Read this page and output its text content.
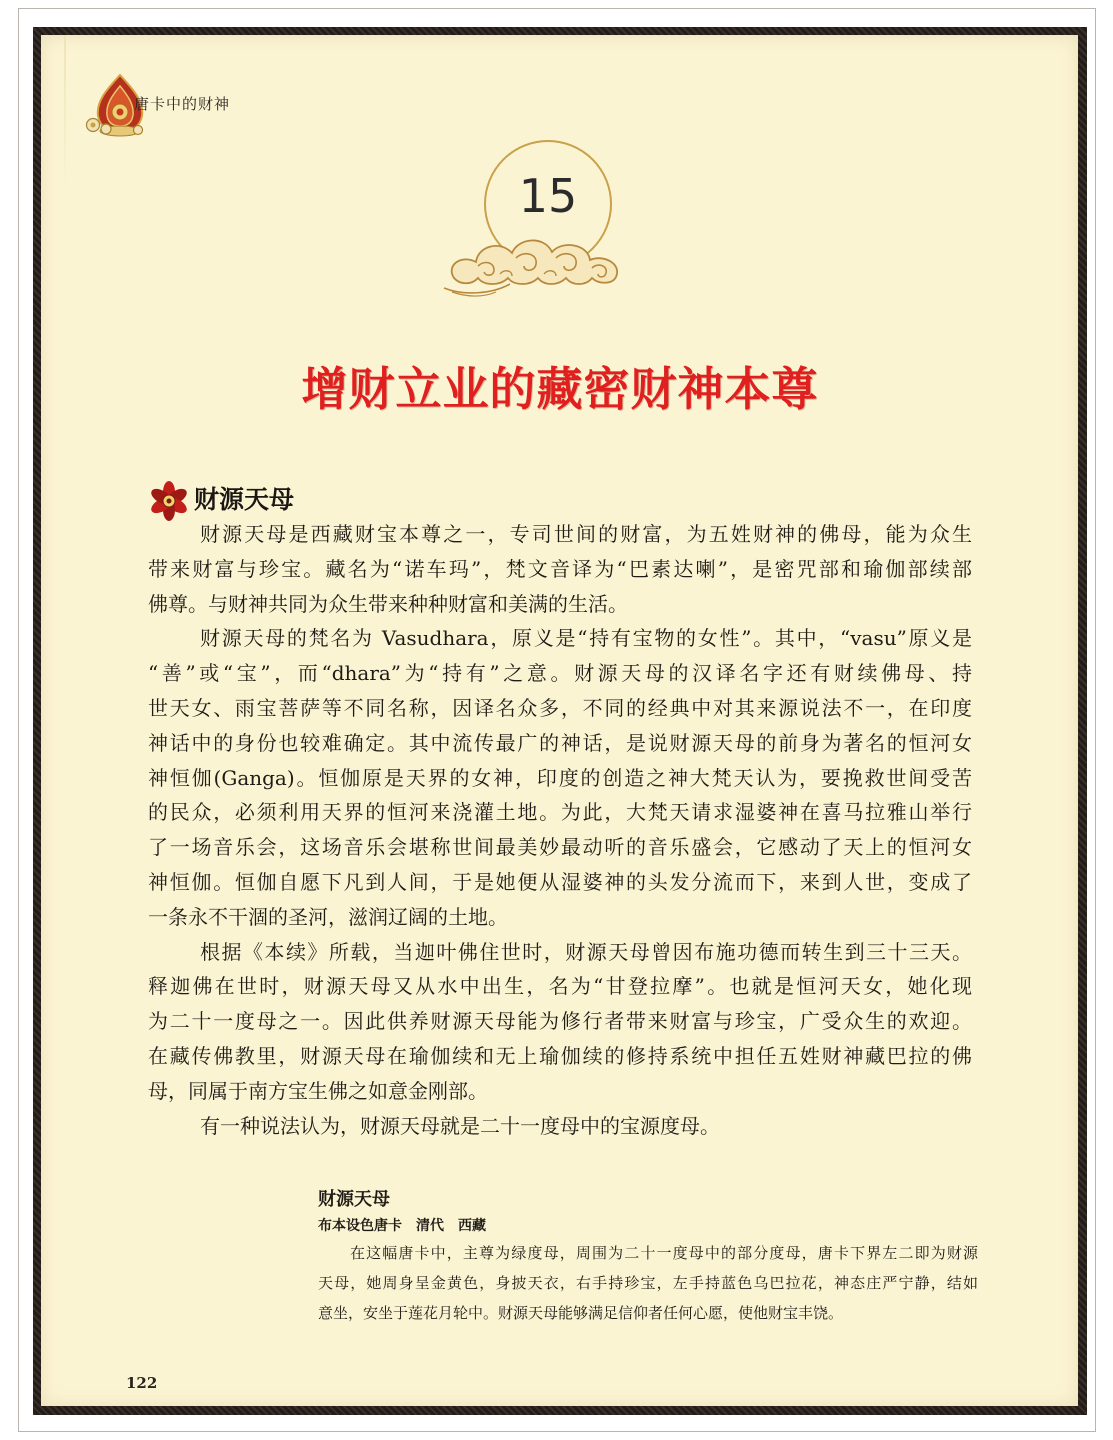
唐卡中的财神
15
增财立业的藏密财神本尊
财源天母
财源天母是西藏财宝本尊之一，专司世间的财富，为五姓财神的佛母，能为众生
带来财富与珍宝。藏名为“诺车玛”，梵文音译为“巴素达喇”，是密咒部和瑜伽部续部
佛尊。与财神共同为众生带来种种财富和美满的生活。
财源天母的梵名为 Vasudhara，原义是“持有宝物的女性”。其中，“vasu”原义是
“善”或“宝”，而“dhara”为“持有”之意。财源天母的汉译名字还有财续佛母、持
世天女、雨宝菩萨等不同名称，因译名众多，不同的经典中对其来源说法不一，在印度
神话中的身份也较难确定。其中流传最广的神话，是说财源天母的前身为著名的恒河女
神恒伽(Ganga)。恒伽原是天界的女神，印度的创造之神大梵天认为，要挽救世间受苦
的民众，必须利用天界的恒河来浇灌土地。为此，大梵天请求湿婆神在喜马拉雅山举行
了一场音乐会，这场音乐会堪称世间最美妙最动听的音乐盛会，它感动了天上的恒河女
神恒伽。恒伽自愿下凡到人间，于是她便从湿婆神的头发分流而下，来到人世，变成了
一条永不干涸的圣河，滋润辽阔的土地。
根据《本续》所载，当迦叶佛住世时，财源天母曾因布施功德而转生到三十三天。
释迦佛在世时，财源天母又从水中出生，名为“甘登拉摩”。也就是恒河天女，她化现
为二十一度母之一。因此供养财源天母能为修行者带来财富与珍宝，广受众生的欢迎。
在藏传佛教里，财源天母在瑜伽续和无上瑜伽续的修持系统中担任五姓财神藏巴拉的佛
母，同属于南方宝生佛之如意金刚部。
有一种说法认为，财源天母就是二十一度母中的宝源度母。
财源天母
布本设色唐卡　清代　西藏
在这幅唐卡中，主尊为绿度母，周围为二十一度母中的部分度母，唐卡下界左二即为财源
天母，她周身呈金黄色，身披天衣，右手持珍宝，左手持蓝色乌巴拉花，神态庄严宁静，结如
意坐，安坐于莲花月轮中。财源天母能够满足信仰者任何心愿，使他财宝丰饶。
122
